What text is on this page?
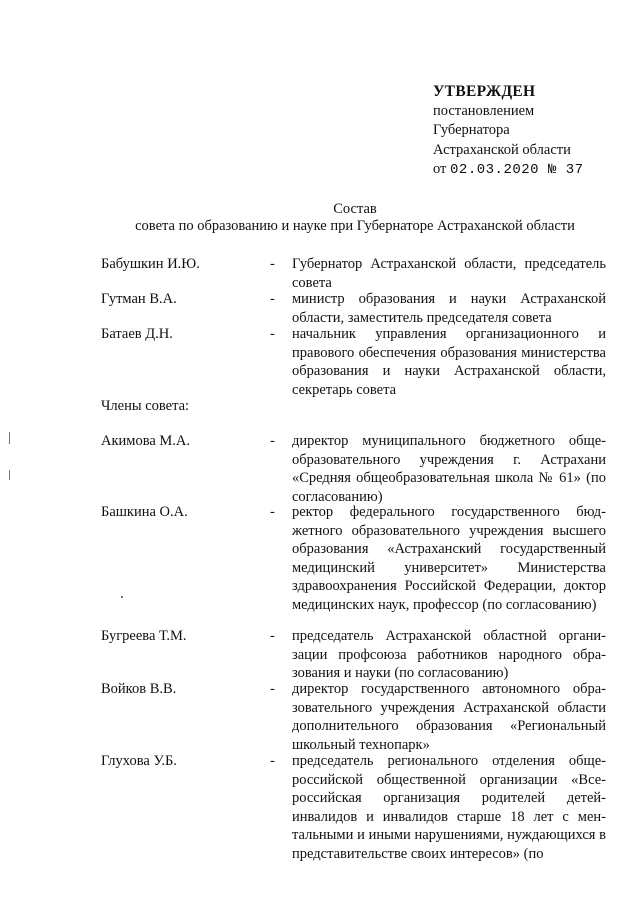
УТВЕРЖДЕН
постановлением
Губернатора
Астраханской области
от 02.03.2020 № 37
Состав
совета по образованию и науке при Губернаторе Астраханской области
Бабушкин И.Ю.	- Губернатор Астраханской области, председатель совета
Гутман В.А.	- министр образования и науки Астраханской области, заместитель председателя совета
Батаев Д.Н.	- начальник управления организационного и правового обеспечения образования министерства образования и науки Астраханской области, секретарь совета
Члены совета:
Акимова М.А.	- директор муниципального бюджетного общеобразовательного учреждения г. Астрахани «Средняя общеобразовательная школа № 61» (по согласованию)
Башкина О.А.	- ректор федерального государственного бюджетного образовательного учреждения высшего образования «Астраханский государственный медицинский университет» Министерства здравоохранения Российской Федерации, доктор медицинских наук, профессор (по согласованию)
Бугреева Т.М.	- председатель Астраханской областной организации профсоюза работников народного образования и науки (по согласованию)
Войков В.В.	- директор государственного автономного образовательного учреждения Астраханской области дополнительного образования «Региональный школьный технопарк»
Глухова У.Б.	- председатель регионального отделения общероссийской общественной организации «Всероссийская организация родителей детей-инвалидов и инвалидов старше 18 лет с ментальными и иными нарушениями, нуждающихся в представительстве своих интересов» (по
